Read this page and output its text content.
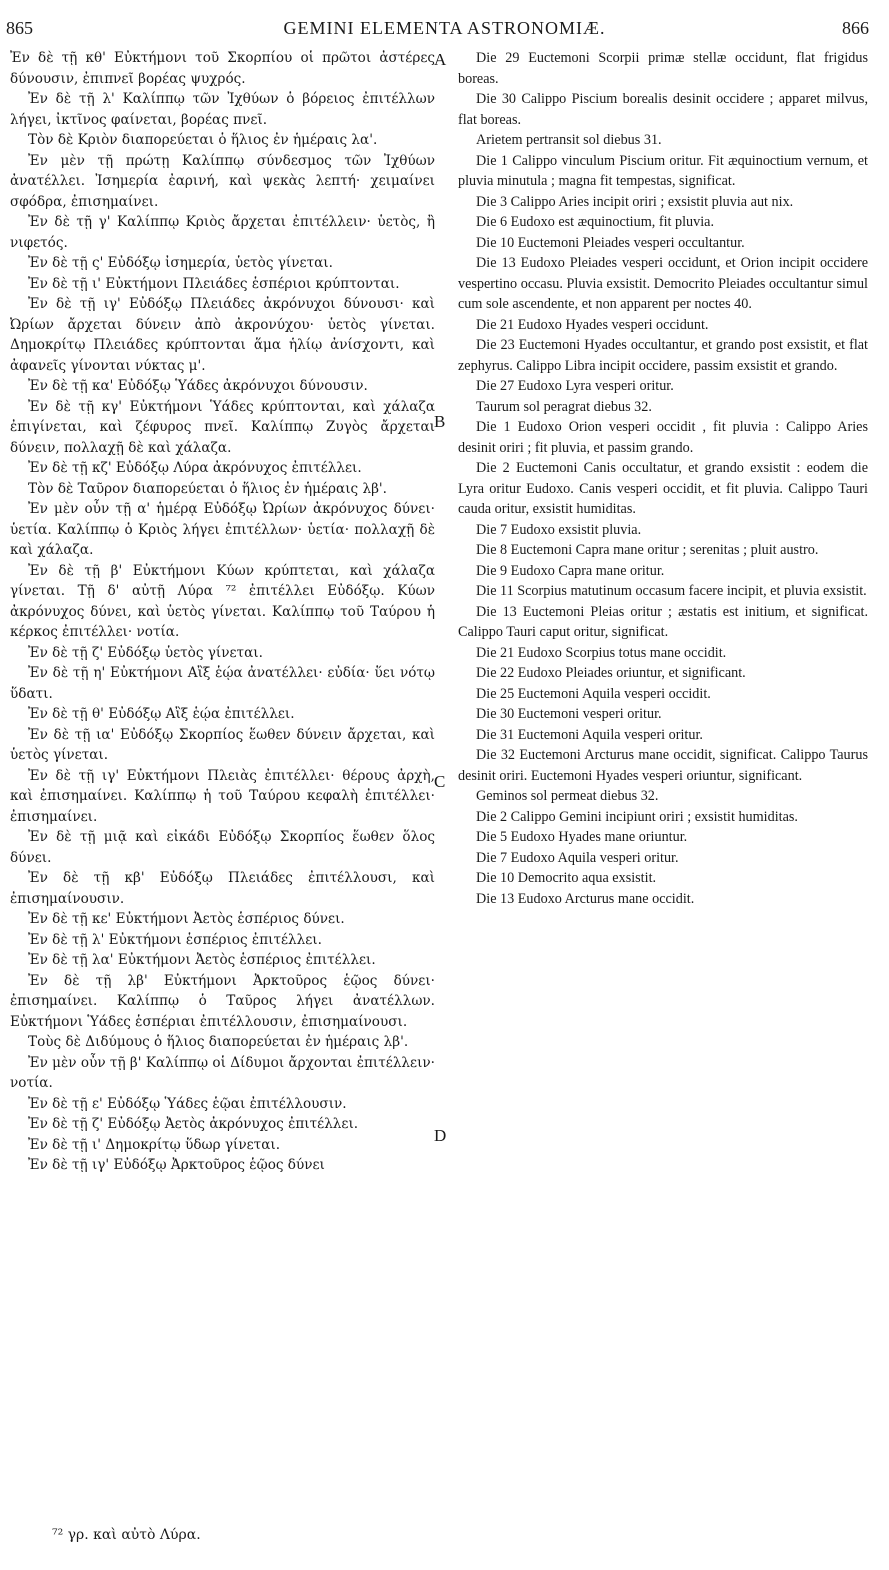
865	GEMINI ELEMENTA ASTRONOMIÆ.	866

Ἐν δὲ τῇ κθ' Εὐκτήμονι τοῦ Σκορπίου οἱ πρῶτοι ἀστέρες δύνουσιν, ἐπιπνεῖ βορέας ψυχρός.

Ἐν δὲ τῇ λ' Καλίππῳ τῶν Ἰχθύων ὁ βόρειος ἐπιτέλλων λήγει, ἰκτῖνος φαίνεται, βορέας πνεῖ.

Τὸν δὲ Κριὸν διαπορεύεται ὁ ἥλιος ἐν ἡμέραις λα'.

Ἐν μὲν τῇ πρώτῃ Καλίππῳ σύνδεσμος τῶν Ἰχθύων ἀνατέλλει. Ἰσημερία ἐαρινή, καὶ ψεκὰς λεπτή· χειμαίνει σφόδρα, ἐπισημαίνει.

Ἐν δὲ τῇ γ' Καλίππῳ Κριὸς ἄρχεται ἐπιτέλλειν· ὑετὸς, ἢ νιφετός.

Ἐν δὲ τῇ ς' Εὐδόξῳ ἰσημερία, ὑετὸς γίνεται.

Ἐν δὲ τῇ ι' Εὐκτήμονι Πλειάδες ἑσπέριοι κρύπτονται.

Ἐν δὲ τῇ ιγ' Εὐδόξῳ Πλειάδες ἀκρόνυχοι δύνουσι· καὶ Ὠρίων ἄρχεται δύνειν ἀπὸ ἀκρονύχου· ὑετὸς γίνεται. Δημοκρίτῳ Πλειάδες κρύπτονται ἅμα ἡλίῳ ἀνίσχοντι, καὶ ἀφανεῖς γίνονται νύκτας μ'.

Ἐν δὲ τῇ κα' Εὐδόξῳ Ὑάδες ἀκρόνυχοι δύνουσιν.

Ἐν δὲ τῇ κγ' Εὐκτήμονι Ὑάδες κρύπτονται, καὶ χάλαζα ἐπιγίνεται, καὶ ζέφυρος πνεῖ. Καλίππῳ Ζυγὸς ἄρχεται δύνειν, πολλαχῇ δὲ καὶ χάλαζα.

Ἐν δὲ τῇ κζ' Εὐδόξῳ Λύρα ἀκρόνυχος ἐπιτέλλει.

Τὸν δὲ Ταῦρον διαπορεύεται ὁ ἥλιος ἐν ἡμέραις λβ'.

Ἐν μὲν οὖν τῇ α' ἡμέρᾳ Εὐδόξῳ Ὠρίων ἀκρόνυχος δύνει· ὑετία. Καλίππῳ ὁ Κριὸς λήγει ἐπιτέλλων· ὑετία· πολλαχῇ δὲ καὶ χάλαζα.

Ἐν δὲ τῇ β' Εὐκτήμονι Κύων κρύπτεται, καὶ χάλαζα γίνεται. Τῇ δ' αὐτῇ Λύρα ⁷² ἐπιτέλλει Εὐδόξῳ. Κύων ἀκρόνυχος δύνει, καὶ ὑετὸς γίνεται. Καλίππῳ τοῦ Ταύρου ἡ κέρκος ἐπιτέλλει· νοτία.

Ἐν δὲ τῇ ζ' Εὐδόξῳ ὑετὸς γίνεται.

Ἐν δὲ τῇ η' Εὐκτήμονι Αἲξ ἑῴα ἀνατέλλει· εὐδία· ὕει νότῳ ὕδατι.

Ἐν δὲ τῇ θ' Εὐδόξῳ Αἲξ ἑῴα ἐπιτέλλει.

Ἐν δὲ τῇ ια' Εὐδόξῳ Σκορπίος ἕωθεν δύνειν ἄρχεται, καὶ ὑετὸς γίνεται.

Ἐν δὲ τῇ ιγ' Εὐκτήμονι Πλειὰς ἐπιτέλλει· θέρους ἀρχὴ, καὶ ἐπισημαίνει. Καλίππῳ ἡ τοῦ Ταύρου κεφαλὴ ἐπιτέλλει· ἐπισημαίνει.

Ἐν δὲ τῇ μιᾷ καὶ εἰκάδι Εὐδόξῳ Σκορπίος ἕωθεν ὅλος δύνει.

Ἐν δὲ τῇ κβ' Εὐδόξῳ Πλειάδες ἐπιτέλλουσι, καὶ ἐπισημαίνουσιν.

Ἐν δὲ τῇ κε' Εὐκτήμονι Ἀετὸς ἑσπέριος δύνει.

Ἐν δὲ τῇ λ' Εὐκτήμονι ἑσπέριος ἐπιτέλλει.

Ἐν δὲ τῇ λα' Εὐκτήμονι Ἀετὸς ἑσπέριος ἐπιτέλλει.

Ἐν δὲ τῇ λβ' Εὐκτήμονι Ἀρκτοῦρος ἑῷος δύνει· ἐπισημαίνει. Καλίππῳ ὁ Ταῦρος λήγει ἀνατέλλων. Εὐκτήμονι Ὑάδες ἑσπέριαι ἐπιτέλλουσιν, ἐπισημαίνουσι.

Τοὺς δὲ Διδύμους ὁ ἥλιος διαπορεύεται ἐν ἡμέραις λβ'.

Ἐν μὲν οὖν τῇ β' Καλίππῳ οἱ Δίδυμοι ἄρχονται ἐπιτέλλειν· νοτία.

Ἐν δὲ τῇ ε' Εὐδόξῳ Ὑάδες ἑῷαι ἐπιτέλλουσιν.

Ἐν δὲ τῇ ζ' Εὐδόξῳ Ἀετὸς ἀκρόνυχος ἐπιτέλλει.

Ἐν δὲ τῇ ι' Δημοκρίτῳ ὕδωρ γίνεται.

Ἐν δὲ τῇ ιγ' Εὐδόξῳ Ἀρκτοῦρος ἑῷος δύνει

A
B
C
D

Die 29 Euctemoni Scorpii primæ stellæ occidunt, flat frigidus boreas.

Die 30 Calippo Piscium borealis desinit occidere ; apparet milvus, flat boreas.

Arietem pertransit sol diebus 31.

Die 1 Calippo vinculum Piscium oritur. Fit æquinoctium vernum, et pluvia minutula ; magna fit tempestas, significat.

Die 3 Calippo Aries incipit oriri ; exsistit pluvia aut nix.

Die 6 Eudoxo est æquinoctium, fit pluvia.

Die 10 Euctemoni Pleiades vesperi occultantur.

Die 13 Eudoxo Pleiades vesperi occidunt, et Orion incipit occidere vespertino occasu. Pluvia exsistit. Democrito Pleiades occultantur simul cum sole ascendente, et non apparent per noctes 40.

Die 21 Eudoxo Hyades vesperi occidunt.

Die 23 Euctemoni Hyades occultantur, et grando post exsistit, et flat zephyrus. Calippo Libra incipit occidere, passim exsistit et grando.

Die 27 Eudoxo Lyra vesperi oritur.

Taurum sol peragrat diebus 32.

Die 1 Eudoxo Orion vesperi occidit , fit pluvia : Calippo Aries desinit oriri ; fit pluvia, et passim grando.

Die 2 Euctemoni Canis occultatur, et grando exsistit : eodem die Lyra oritur Eudoxo. Canis vesperi occidit, et fit pluvia. Calippo Tauri cauda oritur, exsistit humiditas.

Die 7 Eudoxo exsistit pluvia.

Die 8 Euctemoni Capra mane oritur ; serenitas ; pluit austro.

Die 9 Eudoxo Capra mane oritur.

Die 11 Scorpius matutinum occasum facere incipit, et pluvia exsistit.

Die 13 Euctemoni Pleias oritur ; æstatis est initium, et significat. Calippo Tauri caput oritur, significat.

Die 21 Eudoxo Scorpius totus mane occidit.

Die 22 Eudoxo Pleiades oriuntur, et significant.

Die 25 Euctemoni Aquila vesperi occidit.

Die 30 Euctemoni vesperi oritur.

Die 31 Euctemoni Aquila vesperi oritur.

Die 32 Euctemoni Arcturus mane occidit, significat. Calippo Taurus desinit oriri. Euctemoni Hyades vesperi oriuntur, significant.

Geminos sol permeat diebus 32.

Die 2 Calippo Gemini incipiunt oriri ; exsistit humiditas.

Die 5 Eudoxo Hyades mane oriuntur.

Die 7 Eudoxo Aquila vesperi oritur.

Die 10 Democrito aqua exsistit.

Die 13 Eudoxo Arcturus mane occidit.

⁷² γρ. καὶ αὐτὸ Λύρα.
